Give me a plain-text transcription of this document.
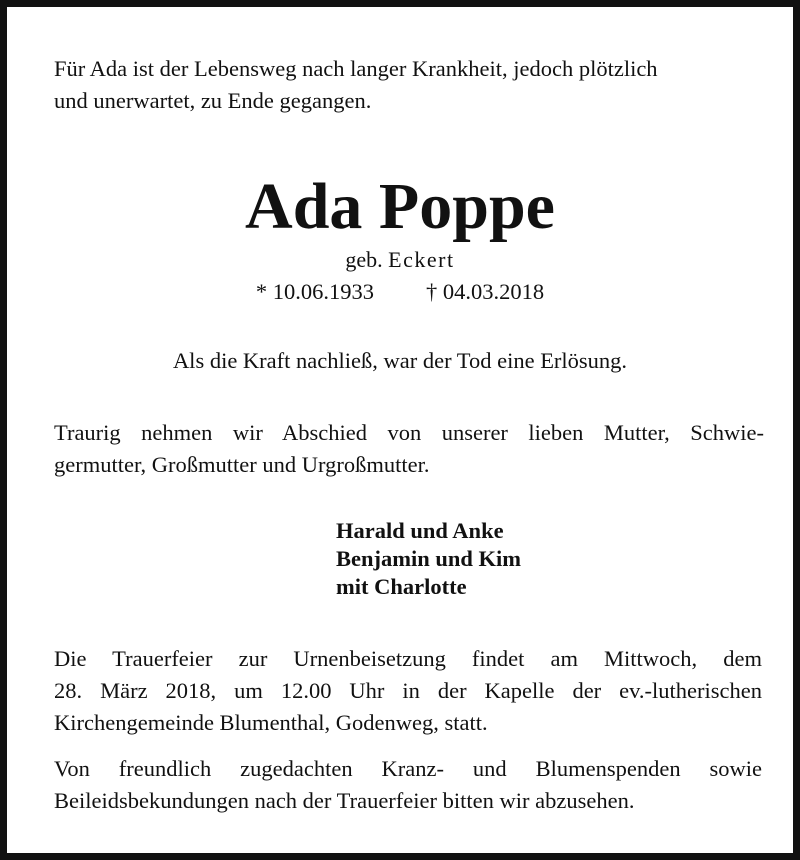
Für Ada ist der Lebensweg nach langer Krankheit, jedoch plötzlich
und unerwartet, zu Ende gegangen.

Ada Poppe

geb. Eckert

* 10.06.1933 † 04.03.2018

Als die Kraft nachließ, war der Tod eine Erlösung.

Traurig nehmen wir Abschied von unserer lieben Mutter, Schwie-
germutter, Großmutter und Urgroßmutter.

Harald und Anke
Benjamin und Kim
mit Charlotte

Die Trauerfeier zur Urnenbeisetzung findet am Mittwoch, dem
28. März 2018, um 12.00 Uhr in der Kapelle der ev.-lutherischen
Kirchengemeinde Blumenthal, Godenweg, statt.

Von freundlich zugedachten Kranz- und Blumenspenden sowie
Beileidsbekundungen nach der Trauerfeier bitten wir abzusehen.
